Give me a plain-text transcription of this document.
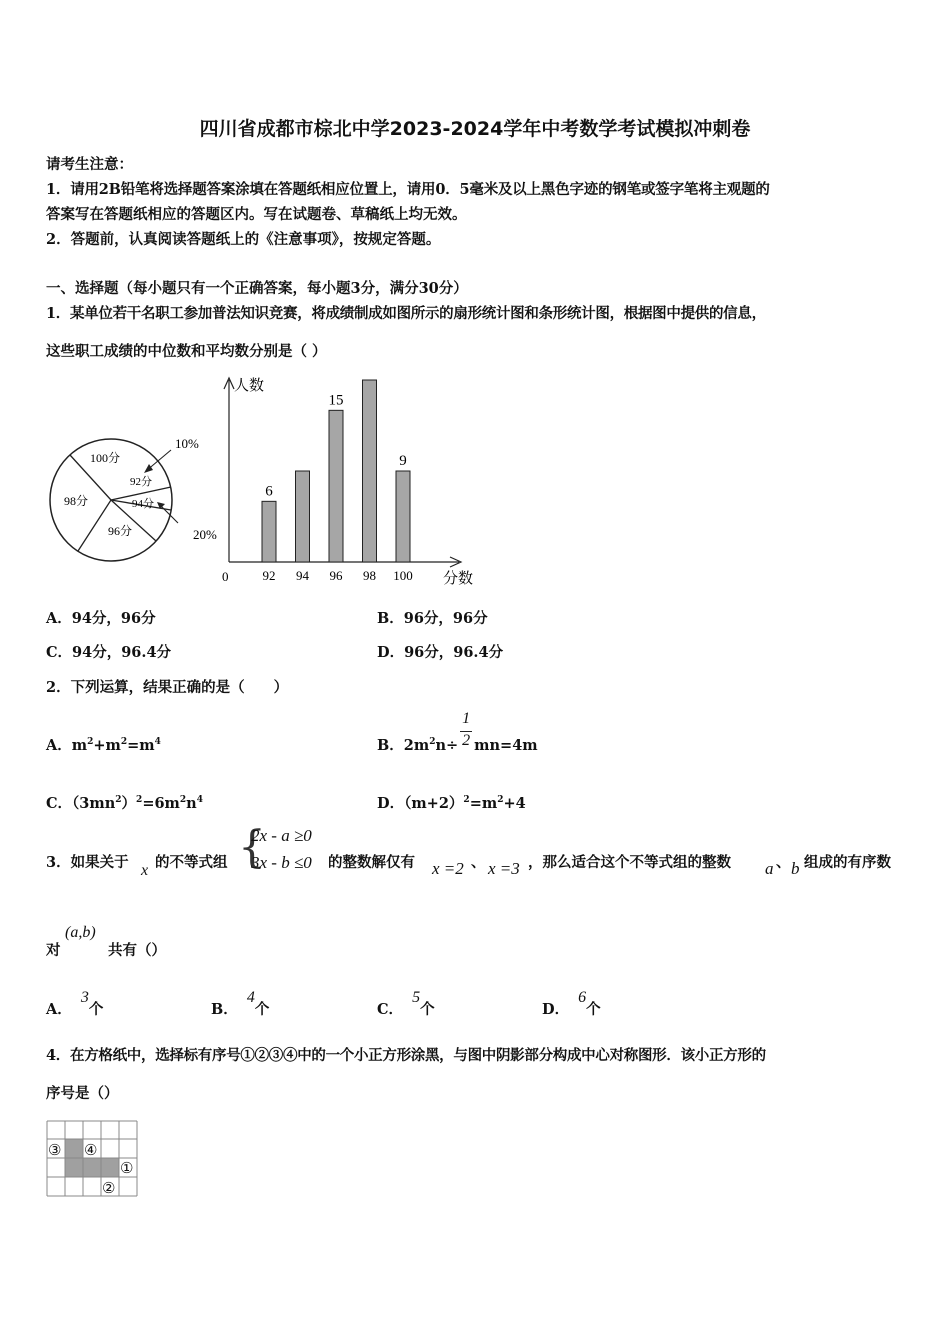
四川省成都市棕北中学2023-2024学年中考数学考试模拟冲刺卷
请考生注意：
1．请用2B铅笔将选择题答案涂填在答题纸相应位置上，请用0．5毫米及以上黑色字迹的钢笔或签字笔将主观题的
答案写在答题纸相应的答题区内。写在试题卷、草稿纸上均无效。
2．答题前，认真阅读答题纸上的《注意事项》，按规定答题。
一、选择题（每小题只有一个正确答案，每小题3分，满分30分）
1．某单位若干名职工参加普法知识竞赛，将成绩制成如图所示的扇形统计图和条形统计图，根据图中提供的信息，
这些职工成绩的中位数和平均数分别是（ ）
100分
92分
94分
96分
98分
10%
20%
人数
分数
0	92
6
94 96
15
98 100
9
A．94分，96分	B．96分，96分
C．94分，96.4分	D．96分，96.4分
2．下列运算，结果正确的是（　　）
A．$m^2+m^2=m^4$	B．$2m^2n\div \frac{1}{2} mn=4m$
C．$(3mn^2)^2=6m^2n^4$	D．$(m+2)^2=m^2+4$
3．如果关于 x 的不等式组 {
2x - a ≥0
3x - b ≤0 的整数解仅有 x =2 、 x =3 ，那么适合这个不等式组的整数 a 、 b 组成的有序数
对
(a,b)
共有（）
A． 3个	B． 4个	C． 5个	D． 6个
4．在方格纸中，选择标有序号①②③④中的一个小正方形涂黑，与图中阴影部分构成中心对称图形．该小正方形的
序号是（）
③ ④
①
②
